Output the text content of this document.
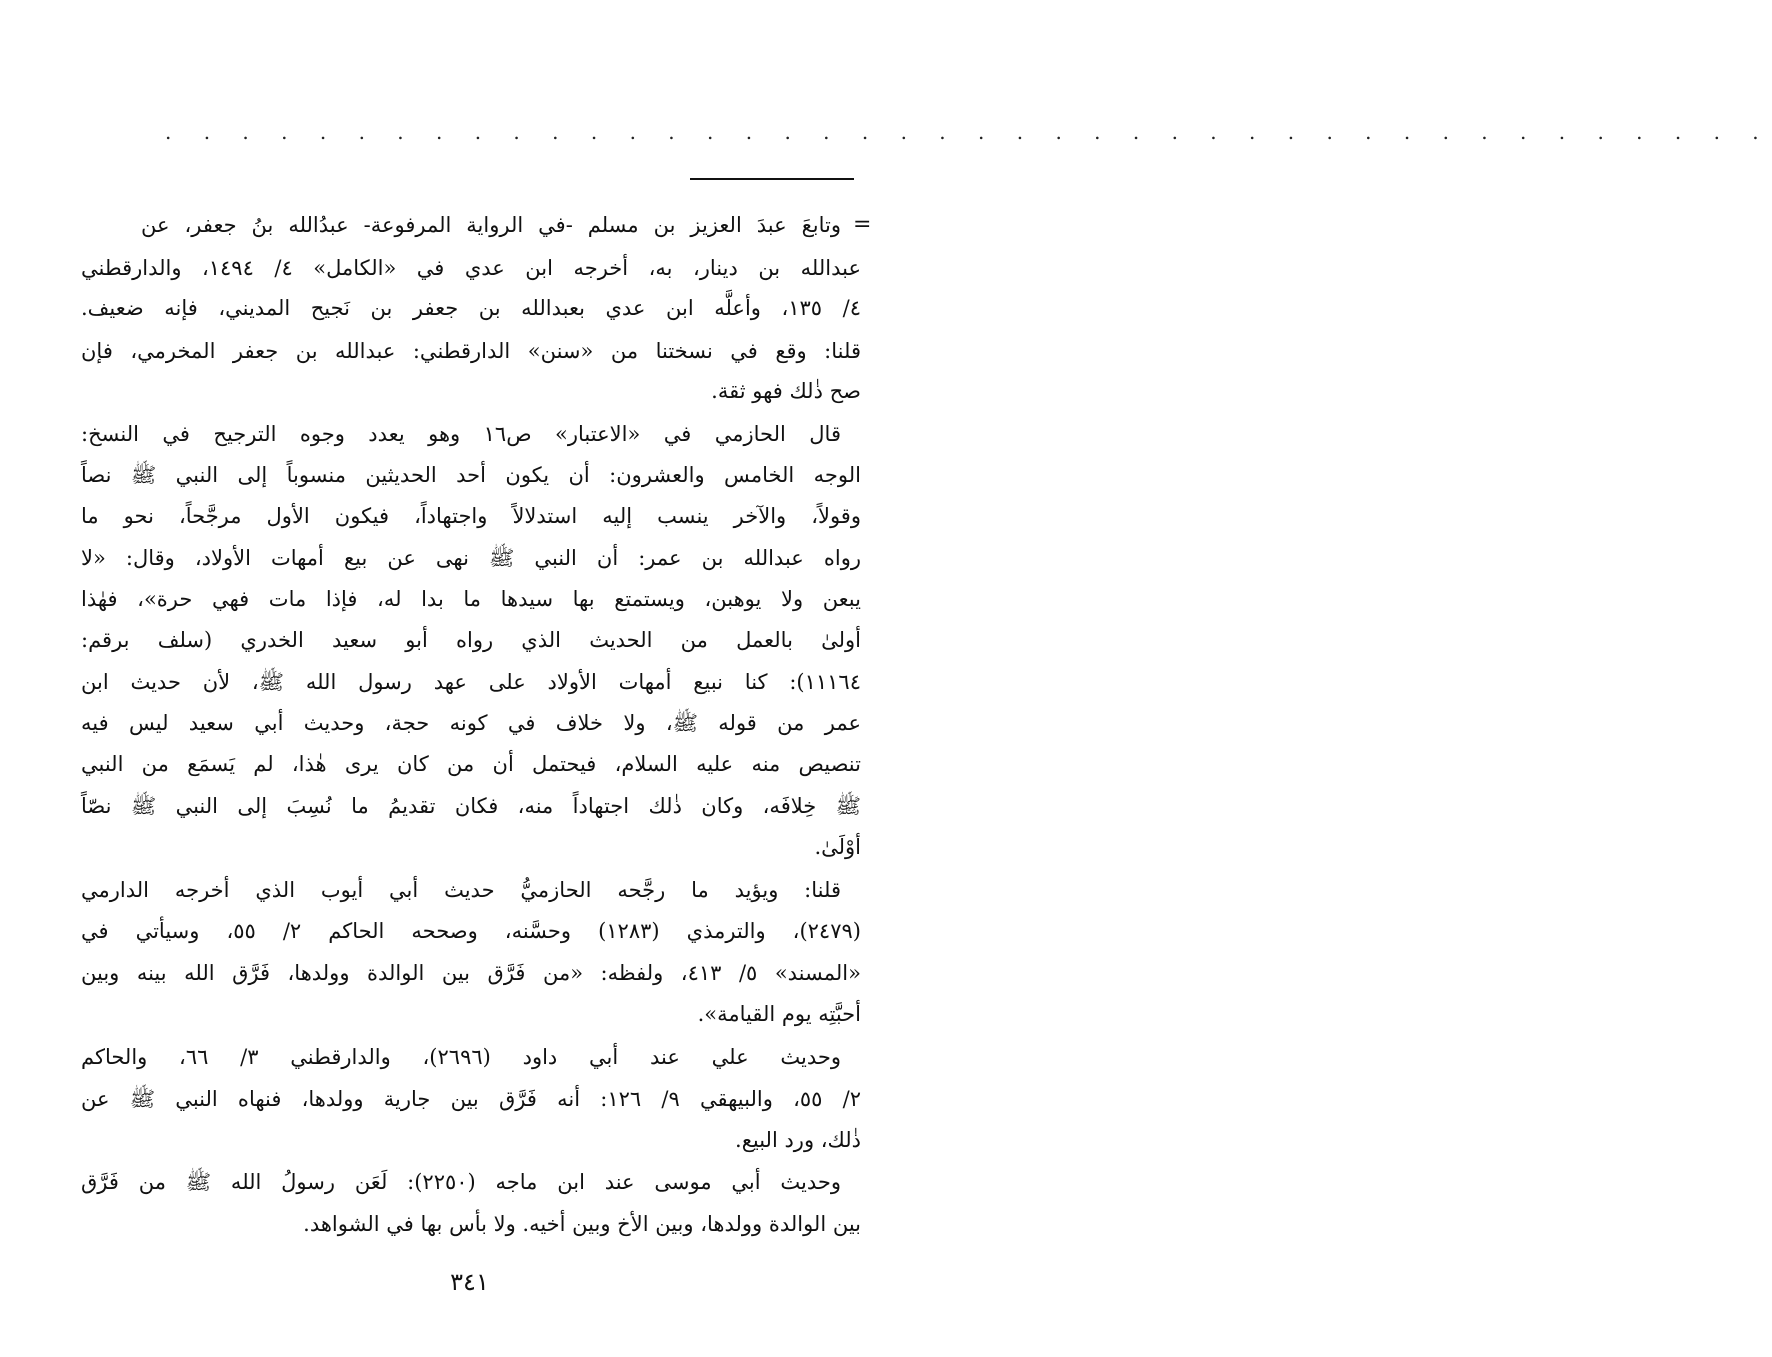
. . . . . . . . . . . . . . . . . . . . . . . . . . . . . . . . . . . . . . . . . .
=
وتابعَ عبدَ العزيز بن مسلم -في الرواية المرفوعة- عبدُالله بنُ جعفر، عن
عبدالله بن دينار، به، أخرجه ابن عدي في «الكامل» ٤/ ١٤٩٤، والدارقطني
٤/ ١٣٥، وأعلَّه ابن عدي بعبدالله بن جعفر بن نَجيح المديني، فإنه ضعيف.
قلنا: وقع في نسختنا من «سنن» الدارقطني: عبدالله بن جعفر المخرمي، فإن
صح ذٰلك فهو ثقة.
قال الحازمي في «الاعتبار» ص١٦ وهو يعدد وجوه الترجيح في النسخ:
الوجه الخامس والعشرون: أن يكون أحد الحديثين منسوباً إلى النبي ﷺ نصاً
وقولاً، والآخر ينسب إليه استدلالاً واجتهاداً، فيكون الأول مرجَّحاً، نحو ما
رواه عبدالله بن عمر: أن النبي ﷺ نهى عن بيع أمهات الأولاد، وقال: «لا
يبعن ولا يوهبن، ويستمتع بها سيدها ما بدا له، فإذا مات فهي حرة»، فهٰذا
أولىٰ بالعمل من الحديث الذي رواه أبو سعيد الخدري (سلف برقم:
١١١٦٤): كنا نبيع أمهات الأولاد على عهد رسول الله ﷺ، لأن حديث ابن
عمر من قوله ﷺ، ولا خلاف في كونه حجة، وحديث أبي سعيد ليس فيه
تنصيص منه عليه السلام، فيحتمل أن من كان يرى هٰذا، لم يَسمَع من النبي
ﷺ خِلافَه، وكان ذٰلك اجتهاداً منه، فكان تقديمُ ما نُسِبَ إلى النبي ﷺ نصّاً
أوْلَىٰ.
قلنا: ويؤيد ما رجَّحه الحازميُّ حديث أبي أيوب الذي أخرجه الدارمي
(٢٤٧٩)، والترمذي (١٢٨٣) وحسَّنه، وصححه الحاكم ٢/ ٥٥، وسيأتي في
«المسند» ٥/ ٤١٣، ولفظه: «من فَرَّق بين الوالدة وولدها، فَرَّق الله بينه وبين
أحبَّتِه يوم القيامة».
وحديث علي عند أبي داود (٢٦٩٦)، والدارقطني ٣/ ٦٦، والحاكم
٢/ ٥٥، والبيهقي ٩/ ١٢٦: أنه فَرَّق بين جارية وولدها، فنهاه النبي ﷺ عن
ذٰلك، ورد البيع.
وحديث أبي موسى عند ابن ماجه (٢٢٥٠): لَعَن رسولُ الله ﷺ من فَرَّق
بين الوالدة وولدها، وبين الأخ وبين أخيه. ولا بأس بها في الشواهد.
٣٤١
